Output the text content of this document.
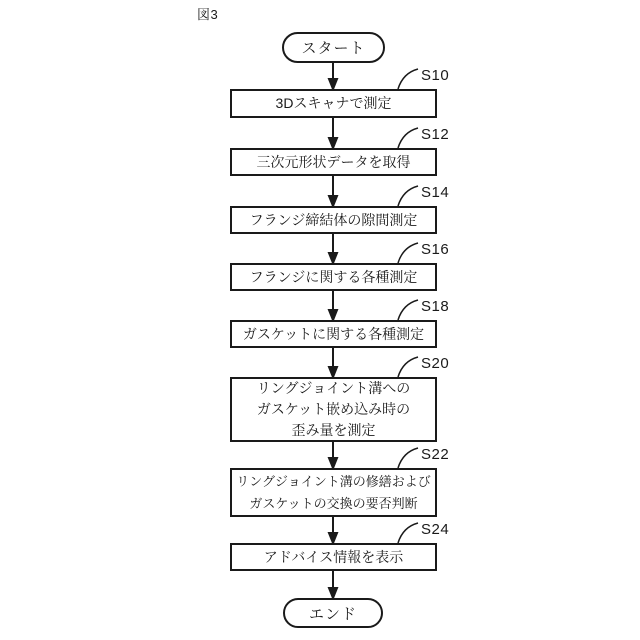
図3
スタート
3Dスキャナで測定
三次元形状データを取得
フランジ締結体の隙間測定
フランジに関する各種測定
ガスケットに関する各種測定
リングジョイント溝への
ガスケット嵌め込み時の
歪み量を測定
リングジョイント溝の修繕および
ガスケットの交換の要否判断
アドバイス情報を表示
S10
S12
S14
S16
S18
S20
S22
S24
エンド
